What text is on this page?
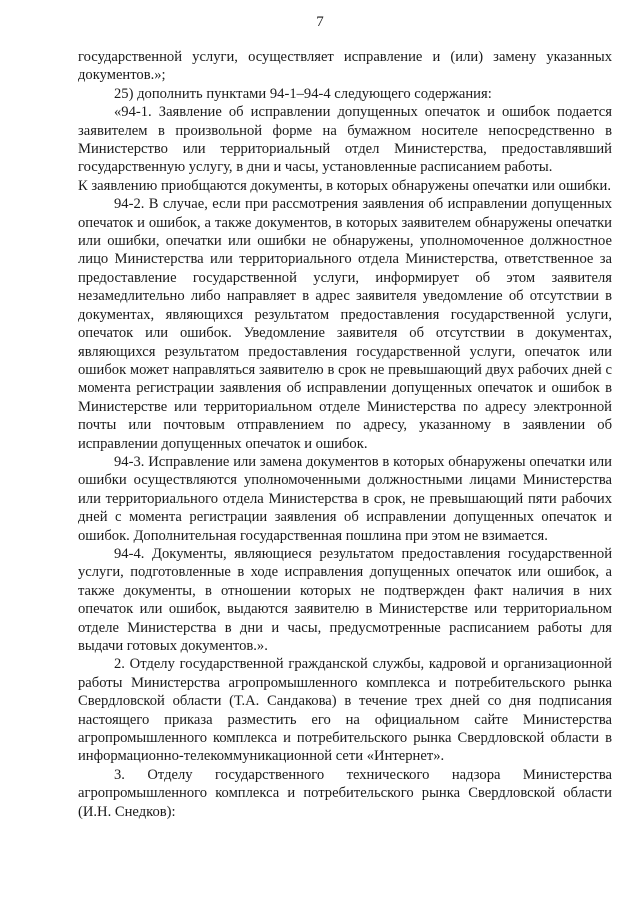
7

государственной услуги, осуществляет исправление и (или) замену указанных документов.»;

25) дополнить пунктами 94-1–94-4 следующего содержания:

«94-1. Заявление об исправлении допущенных опечаток и ошибок подается заявителем в произвольной форме на бумажном носителе непосредственно в Министерство или территориальный отдел Министерства, предоставлявший государственную услугу, в дни и часы, установленные расписанием работы.

К заявлению приобщаются документы, в которых обнаружены опечатки или ошибки.

94-2. В случае, если при рассмотрения заявления об исправлении допущенных опечаток и ошибок, а также документов, в которых заявителем обнаружены опечатки или ошибки, опечатки или ошибки не обнаружены, уполномоченное должностное лицо Министерства или территориального отдела Министерства, ответственное за предоставление государственной услуги, информирует об этом заявителя незамедлительно либо направляет в адрес заявителя уведомление об отсутствии в документах, являющихся результатом предоставления государственной услуги, опечаток или ошибок. Уведомление заявителя об отсутствии в документах, являющихся результатом предоставления государственной услуги, опечаток или ошибок может направляться заявителю в срок не превышающий двух рабочих дней с момента регистрации заявления об исправлении допущенных опечаток и ошибок в Министерстве или территориальном отделе Министерства по адресу электронной почты или почтовым отправлением по адресу, указанному в заявлении об исправлении допущенных опечаток и ошибок.

94-3. Исправление или замена документов в которых обнаружены опечатки или ошибки осуществляются уполномоченными должностными лицами Министерства или территориального отдела Министерства в срок, не превышающий пяти рабочих дней с момента регистрации заявления об исправлении допущенных опечаток и ошибок. Дополнительная государственная пошлина при этом не взимается.

94-4. Документы, являющиеся результатом предоставления государственной услуги, подготовленные в ходе исправления допущенных опечаток или ошибок, а также документы, в отношении которых не подтвержден факт наличия в них опечаток или ошибок, выдаются заявителю в Министерстве или территориальном отделе Министерства в дни и часы, предусмотренные расписанием работы для выдачи готовых документов.».

2. Отделу государственной гражданской службы, кадровой и организационной работы Министерства агропромышленного комплекса и потребительского рынка Свердловской области (Т.А. Сандакова) в течение трех дней со дня подписания настоящего приказа разместить его на официальном сайте Министерства агропромышленного комплекса и потребительского рынка Свердловской области в информационно-телекоммуникационной сети «Интернет».

3. Отделу государственного технического надзора Министерства агропромышленного комплекса и потребительского рынка Свердловской области (И.Н. Снедков):
